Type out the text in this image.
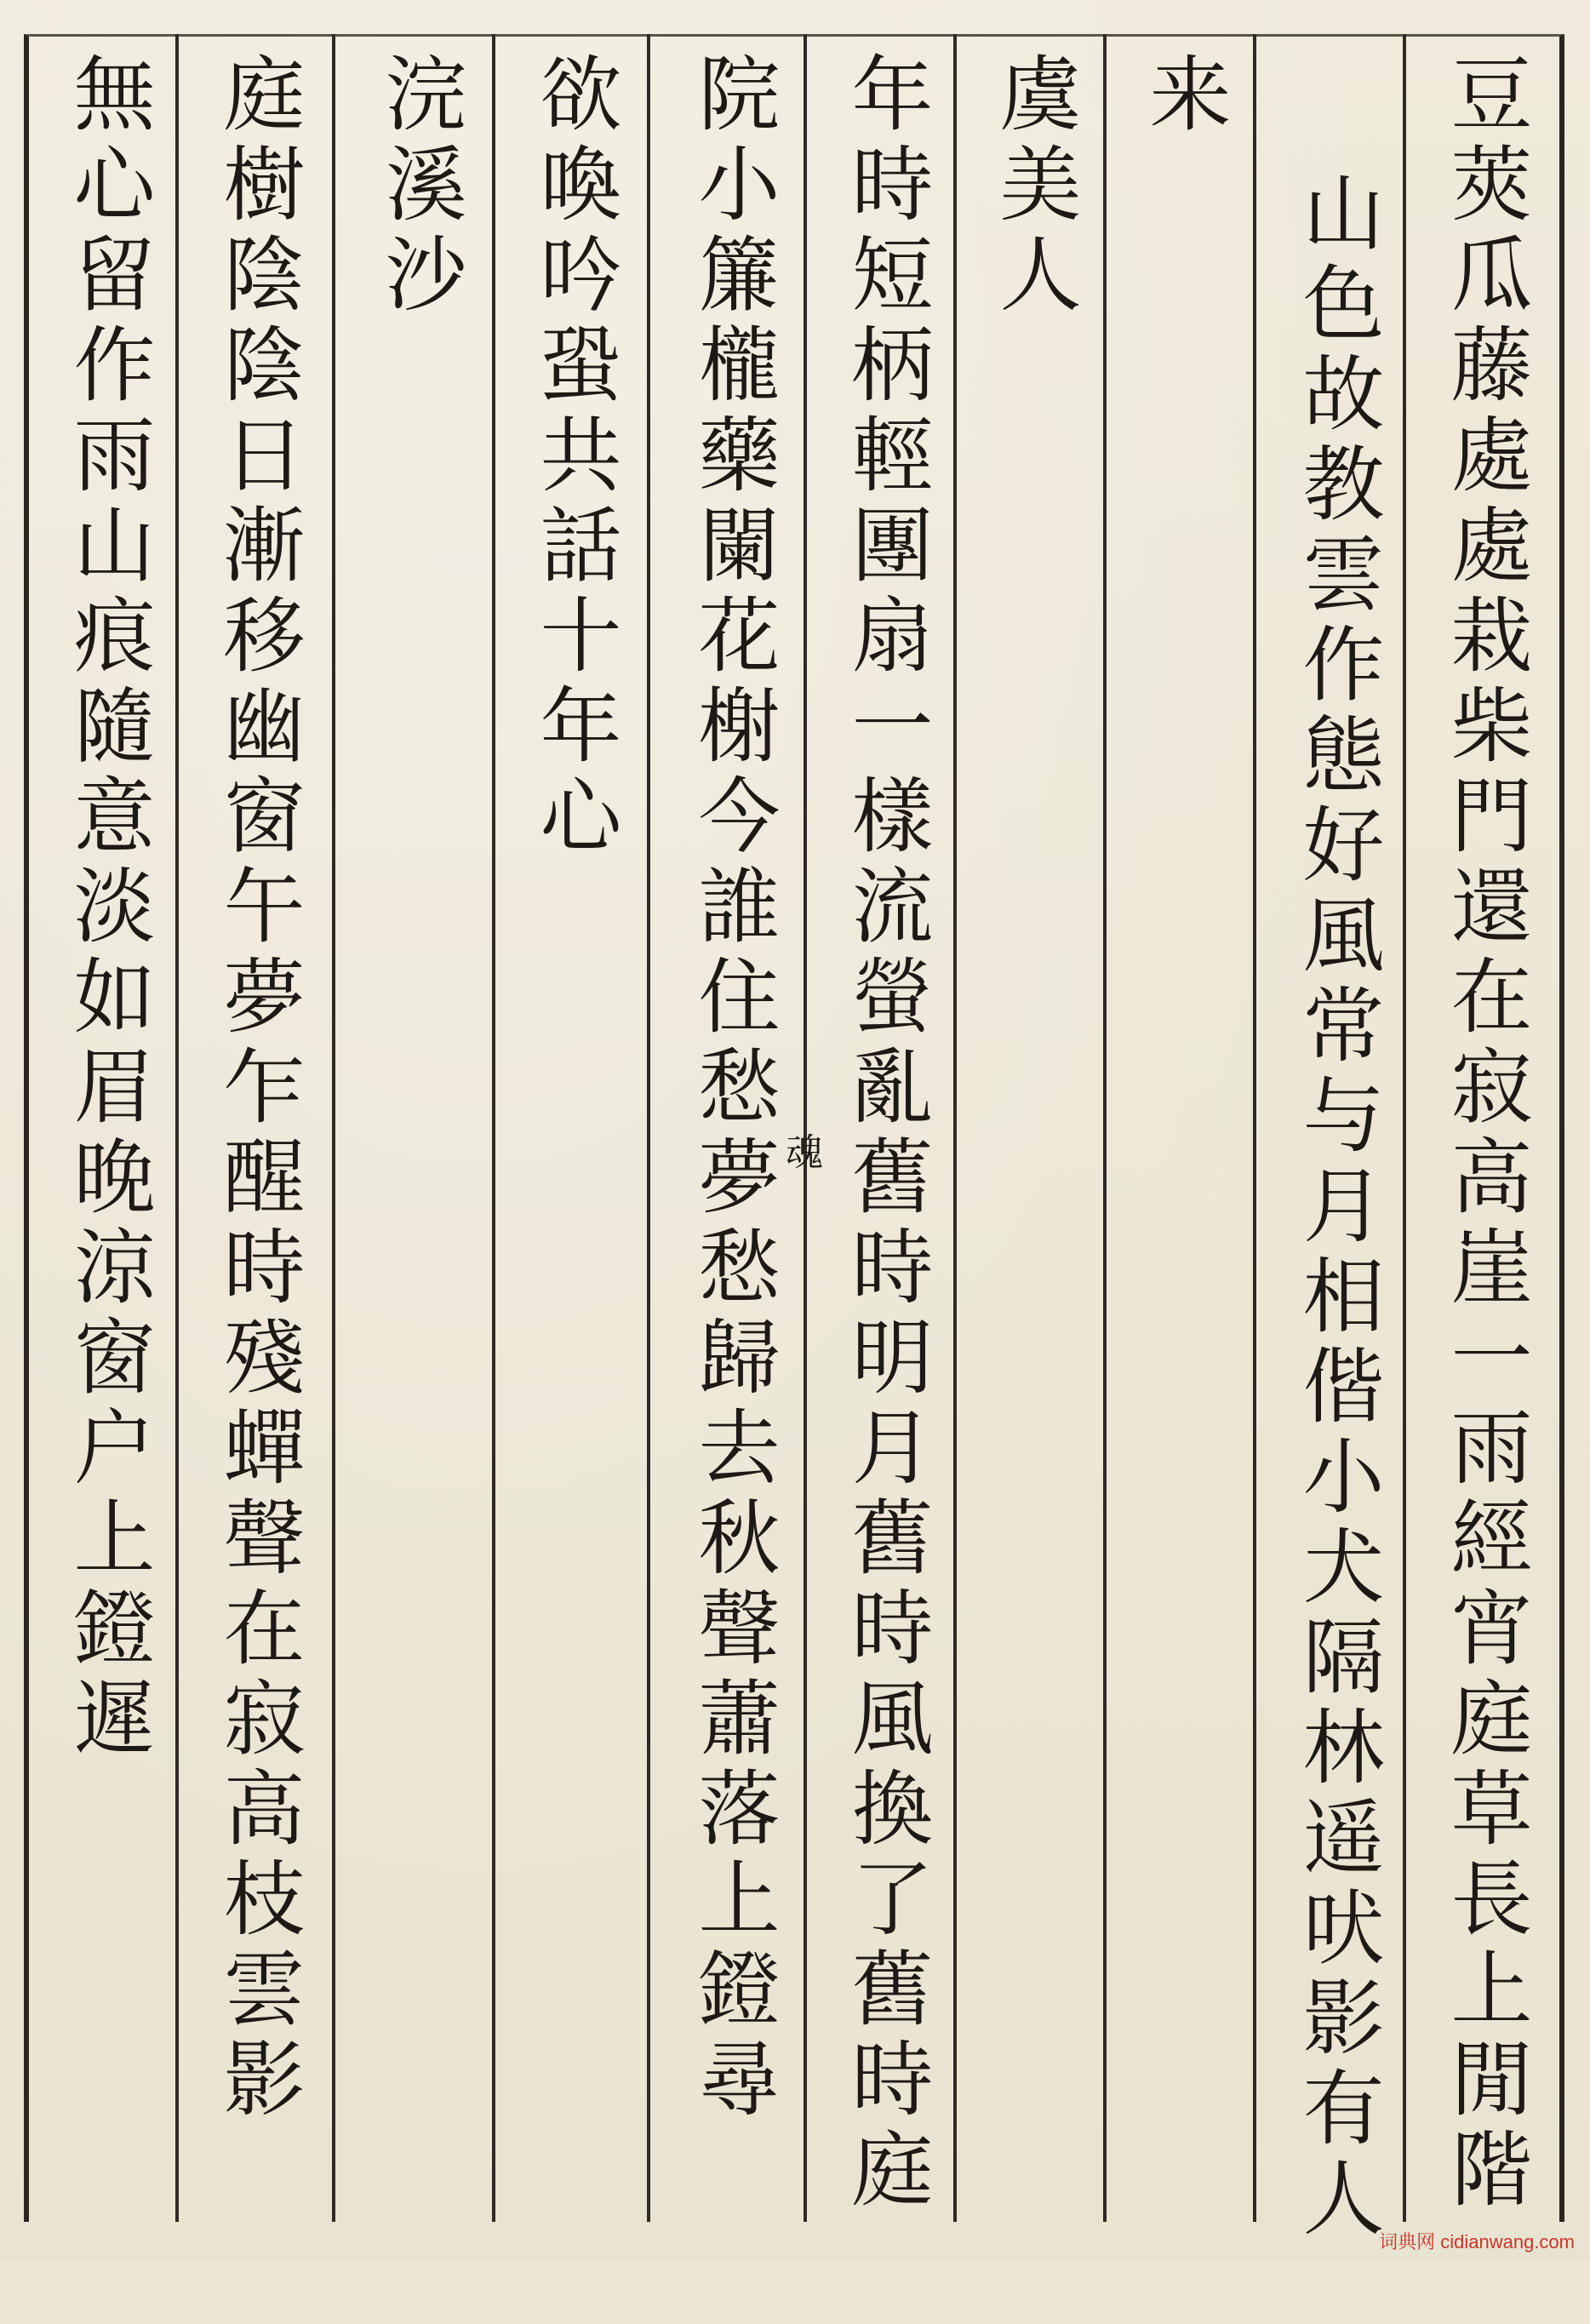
豆莢瓜藤處處栽柴門還在寂高崖一雨經宵庭草長上閒階
山色故教雲作態好風常与月相偕小犬隔林遥吠影有人
来
虞美人
年時短柄輕團扇一樣流螢亂舊時明月舊時風換了舊時庭
院小簾櫳藥闌花榭今誰住愁夢愁歸去秋聲蕭落上鐙尋
魂
欲喚吟蛩共話十年心
浣溪沙
庭樹陰陰日漸移幽窗午夢乍醒時殘蟬聲在寂高枝雲影
無心留作雨山痕隨意淡如眉晚涼窗户上鐙遲
词典网 cidianwang.com
